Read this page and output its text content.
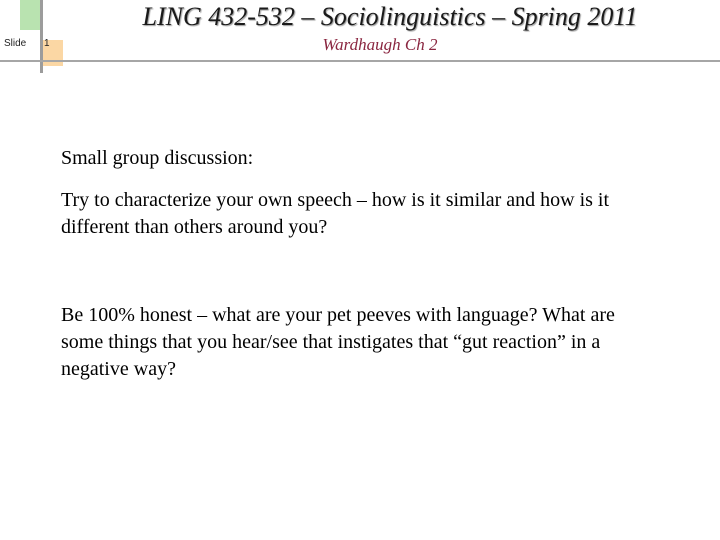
Slide 1
LING 432-532 – Sociolinguistics – Spring 2011
Wardhaugh Ch 2
Small group discussion:
Try to characterize your own speech – how is it similar and how is it different than others around you?
Be 100% honest – what are your pet peeves with language? What are some things that you hear/see that instigates that “gut reaction” in a negative way?
